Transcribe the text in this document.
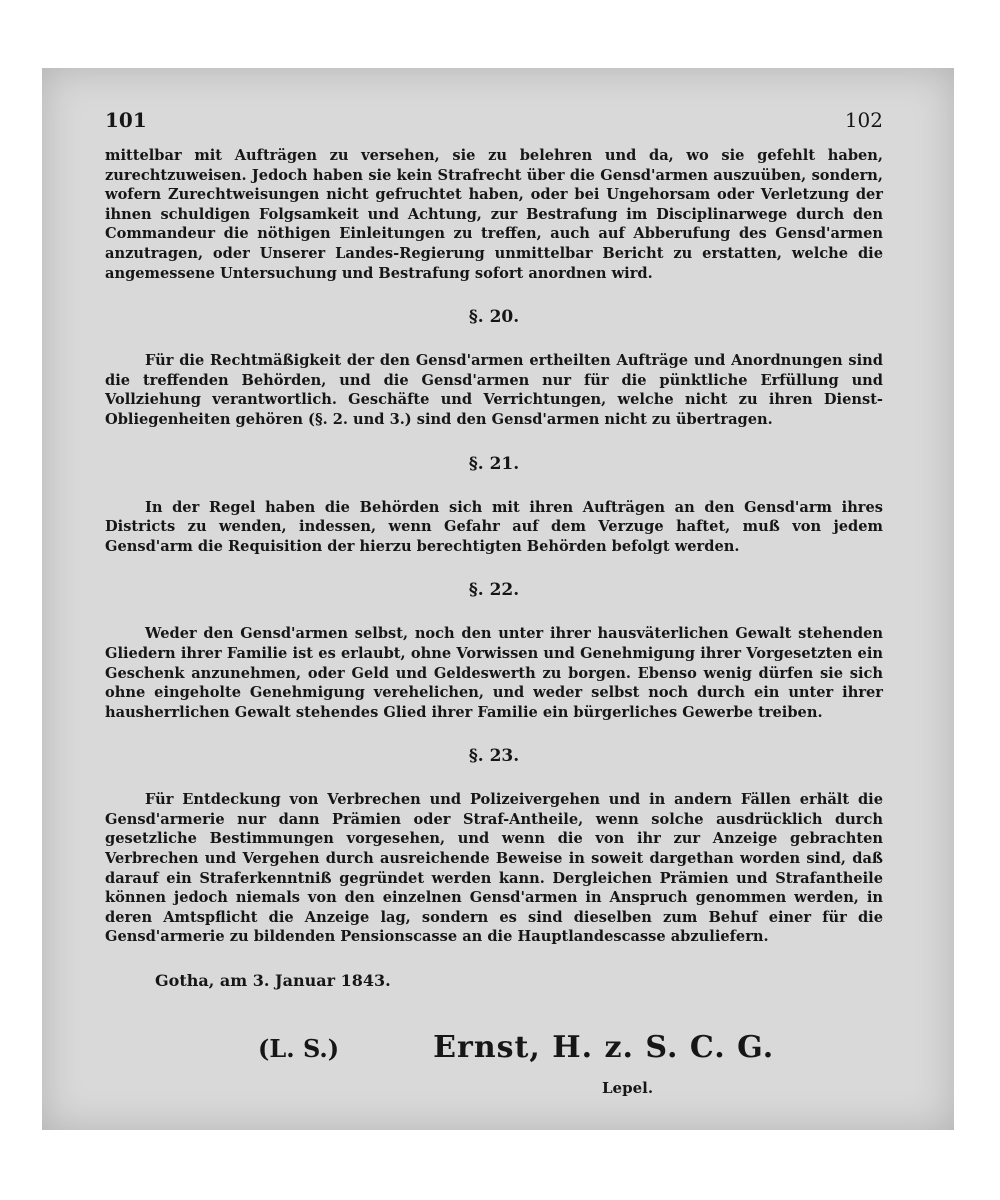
101	102

mittelbar mit Aufträgen zu versehen, sie zu belehren und da, wo sie gefehlt haben, zurechtzuweisen. Jedoch haben sie kein Strafrecht über die Gensd'armen auszuüben, sondern, wofern Zurechtweisungen nicht gefruchtet haben, oder bei Ungehorsam oder Verletzung der ihnen schuldigen Folgsamkeit und Achtung, zur Bestrafung im Disciplinarwege durch den Commandeur die nöthigen Einleitungen zu treffen, auch auf Abberufung des Gensd'armen anzutragen, oder Unserer Landes-Regierung unmittelbar Bericht zu erstatten, welche die angemessene Untersuchung und Bestrafung sofort anordnen wird.

§. 20.

Für die Rechtmäßigkeit der den Gensd'armen ertheilten Aufträge und Anordnungen sind die treffenden Behörden, und die Gensd'armen nur für die pünktliche Erfüllung und Vollziehung verantwortlich. Geschäfte und Verrichtungen, welche nicht zu ihren Dienst-Obliegenheiten gehören (§. 2. und 3.) sind den Gensd'armen nicht zu übertragen.

§. 21.

In der Regel haben die Behörden sich mit ihren Aufträgen an den Gensd'arm ihres Districts zu wenden, indessen, wenn Gefahr auf dem Verzuge haftet, muß von jedem Gensd'arm die Requisition der hierzu berechtigten Behörden befolgt werden.

§. 22.

Weder den Gensd'armen selbst, noch den unter ihrer hausväterlichen Gewalt stehenden Gliedern ihrer Familie ist es erlaubt, ohne Vorwissen und Genehmigung ihrer Vorgesetzten ein Geschenk anzunehmen, oder Geld und Geldeswerth zu borgen. Ebenso wenig dürfen sie sich ohne eingeholte Genehmigung verehelichen, und weder selbst noch durch ein unter ihrer hausherrlichen Gewalt stehendes Glied ihrer Familie ein bürgerliches Gewerbe treiben.

§. 23.

Für Entdeckung von Verbrechen und Polizeivergehen und in andern Fällen erhält die Gensd'armerie nur dann Prämien oder Straf-Antheile, wenn solche ausdrücklich durch gesetzliche Bestimmungen vorgesehen, und wenn die von ihr zur Anzeige gebrachten Verbrechen und Vergehen durch ausreichende Beweise in soweit dargethan worden sind, daß darauf ein Straferkenntniß gegründet werden kann. Dergleichen Prämien und Strafantheile können jedoch niemals von den einzelnen Gensd'armen in Anspruch genommen werden, in deren Amtspflicht die Anzeige lag, sondern es sind dieselben zum Behuf einer für die Gensd'armerie zu bildenden Pensionscasse an die Hauptlandescasse abzuliefern.

Gotha, am 3. Januar 1843.
(L. S.)	Ernst, H. z. S. C. G.
Lepel.
